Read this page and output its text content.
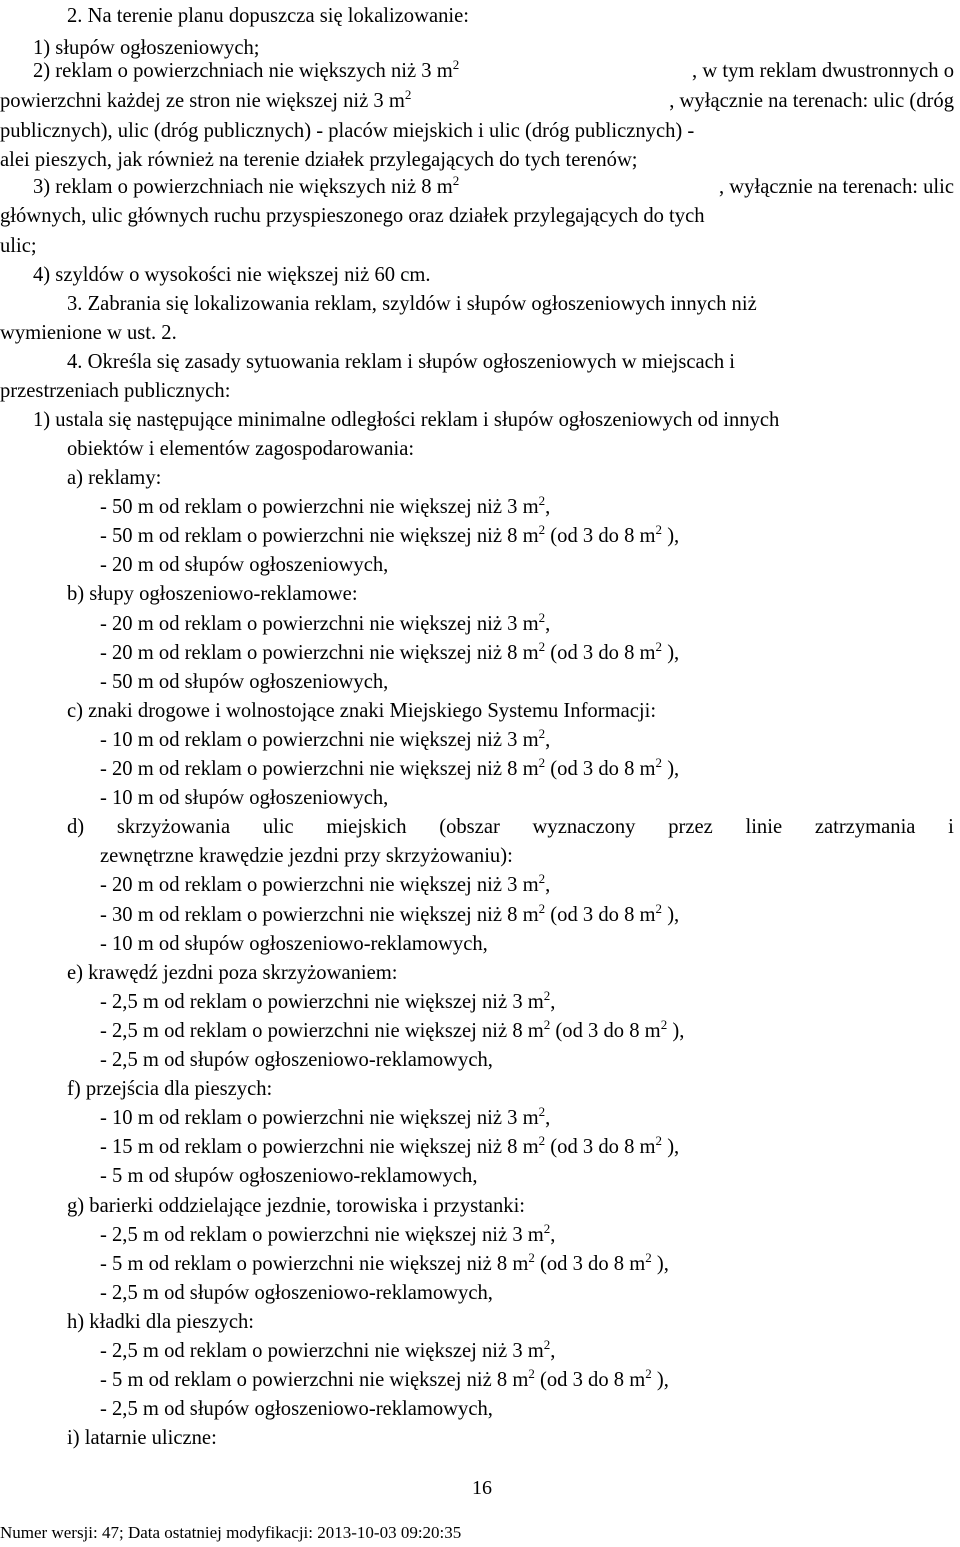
2. Na terenie planu dopuszcza się lokalizowanie:
1) słupów ogłoszeniowych;
2) reklam o powierzchniach nie większych niż 3 $m^2$	, w tym reklam dwustronnych o
powierzchni każdej ze stron nie większej niż 3 $m^2$	, wyłącznie na terenach: ulic (dróg
publicznych), ulic (dróg publicznych) - placów miejskich i ulic (dróg publicznych) -
alei pieszych, jak również na terenie działek przylegających do tych terenów;
3) reklam o powierzchniach nie większych niż 8 $m^2$	, wyłącznie na terenach: ulic
głównych, ulic głównych ruchu przyspieszonego oraz działek przylegających do tych
ulic;
4) szyldów o wysokości nie większej niż 60 cm.
3. Zabrania się lokalizowania reklam, szyldów i słupów ogłoszeniowych innych niż
wymienione w ust. 2.
4. Określa się zasady sytuowania reklam i słupów ogłoszeniowych w miejscach i
przestrzeniach publicznych:
1) ustala się następujące minimalne odległości reklam i słupów ogłoszeniowych od innych
obiektów i elementów zagospodarowania:
a) reklamy:
- 50 m od reklam o powierzchni nie większej niż 3 $m^2$,
- 50 m od reklam o powierzchni nie większej niż 8 $m^2$ (od 3 do 8 $m^2$ ),
- 20 m od słupów ogłoszeniowych,
b) słupy ogłoszeniowo-reklamowe:
- 20 m od reklam o powierzchni nie większej niż 3 $m^2$,
- 20 m od reklam o powierzchni nie większej niż 8 $m^2$ (od 3 do 8 $m^2$ ),
- 50 m od słupów ogłoszeniowych,
c) znaki drogowe i wolnostojące znaki Miejskiego Systemu Informacji:
- 10 m od reklam o powierzchni nie większej niż 3 $m^2$,
- 20 m od reklam o powierzchni nie większej niż 8 $m^2$ (od 3 do 8 $m^2$ ),
- 10 m od słupów ogłoszeniowych,
d) skrzyżowania ulic miejskich (obszar wyznaczony przez linie zatrzymania i
zewnętrzne krawędzie jezdni przy skrzyżowaniu):
- 20 m od reklam o powierzchni nie większej niż 3 $m^2$,
- 30 m od reklam o powierzchni nie większej niż 8 $m^2$ (od 3 do 8 $m^2$ ),
- 10 m od słupów ogłoszeniowo-reklamowych,
e) krawędź jezdni poza skrzyżowaniem:
- 2,5 m od reklam o powierzchni nie większej niż 3 $m^2$,
- 2,5 m od reklam o powierzchni nie większej niż 8 $m^2$ (od 3 do 8 $m^2$ ),
- 2,5 m od słupów ogłoszeniowo-reklamowych,
f) przejścia dla pieszych:
- 10 m od reklam o powierzchni nie większej niż 3 $m^2$,
- 15 m od reklam o powierzchni nie większej niż 8 $m^2$ (od 3 do 8 $m^2$ ),
- 5 m od słupów ogłoszeniowo-reklamowych,
g) barierki oddzielające jezdnie, torowiska i przystanki:
- 2,5 m od reklam o powierzchni nie większej niż 3 $m^2$,
- 5 m od reklam o powierzchni nie większej niż 8 $m^2$ (od 3 do 8 $m^2$ ),
- 2,5 m od słupów ogłoszeniowo-reklamowych,
h) kładki dla pieszych:
- 2,5 m od reklam o powierzchni nie większej niż 3 $m^2$,
- 5 m od reklam o powierzchni nie większej niż 8 $m^2$ (od 3 do 8 $m^2$ ),
- 2,5 m od słupów ogłoszeniowo-reklamowych,
i) latarnie uliczne:
16
Numer wersji: 47; Data ostatniej modyfikacji: 2013-10-03 09:20:35
